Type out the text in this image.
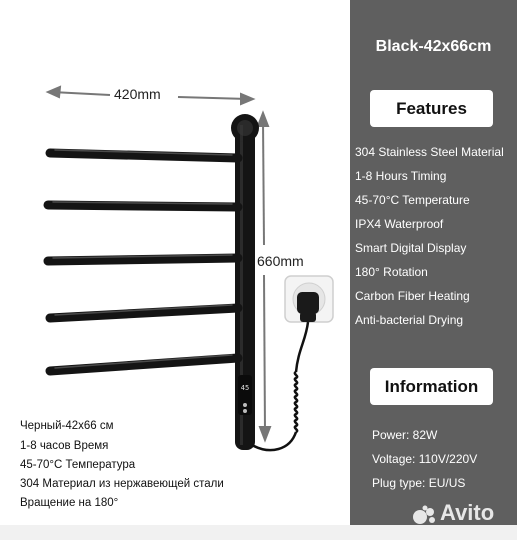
45
420mm
660mm
Черный-42x66 см
1-8 часов Время
45-70°C Температура
304 Материал из нержавеющей стали
Вращение на 180°
Black-42x66cm
Features
304 Stainless Steel Material
1-8 Hours Timing
45-70°C Temperature
IPX4 Waterproof
Smart Digital Display
180° Rotation
Carbon Fiber Heating
Anti-bacterial Drying
Information
Power: 82W
Voltage: 110V/220V
Plug type: EU/US
Avito
